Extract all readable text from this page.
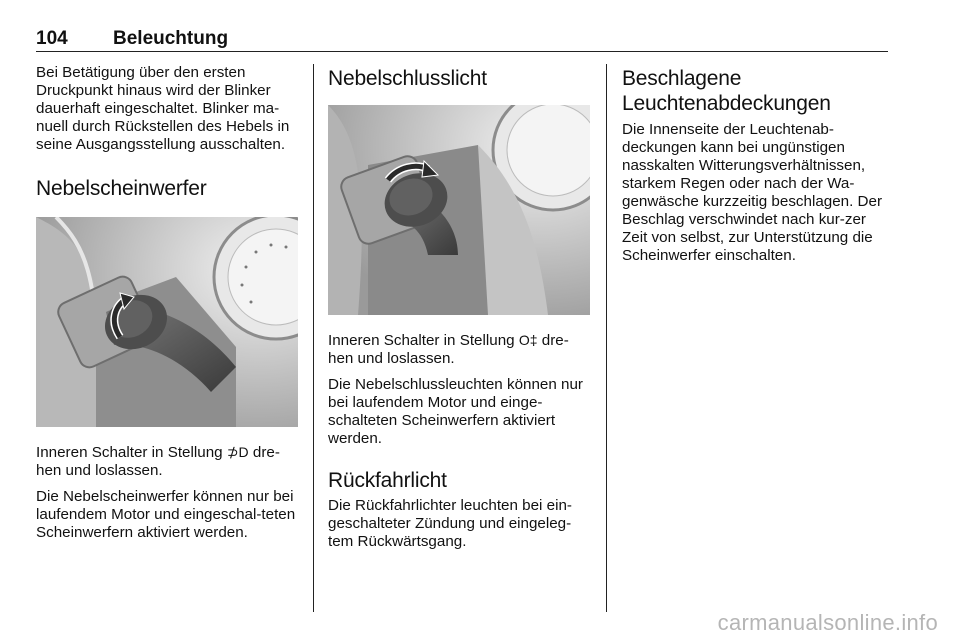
104 Beleuchtung

Bei Betätigung über den ersten Druckpunkt hinaus wird der Blinker dauerhaft eingeschaltet. Blinker ma-nuell durch Rückstellen des Hebels in seine Ausgangsstellung ausschalten.

Nebelscheinwerfer

Inneren Schalter in Stellung ⊅D dre-hen und loslassen.

Die Nebelscheinwerfer können nur bei laufendem Motor und eingeschal-teten Scheinwerfern aktiviert werden.

Nebelschlusslicht

Inneren Schalter in Stellung O‡ dre-hen und loslassen.

Die Nebelschlussleuchten können nur bei laufendem Motor und einge-schalteten Scheinwerfern aktiviert werden.

Rückfahrlicht

Die Rückfahrlichter leuchten bei ein-geschalteter Zündung und eingeleg-tem Rückwärtsgang.

Beschlagene Leuchtenabdeckungen

Die Innenseite der Leuchtenab-deckungen kann bei ungünstigen nasskalten Witterungsverhältnissen, starkem Regen oder nach der Wa-genwäsche kurzzeitig beschlagen. Der Beschlag verschwindet nach kur-zer Zeit von selbst, zur Unterstützung die Scheinwerfer einschalten.

carmanualsonline.info
